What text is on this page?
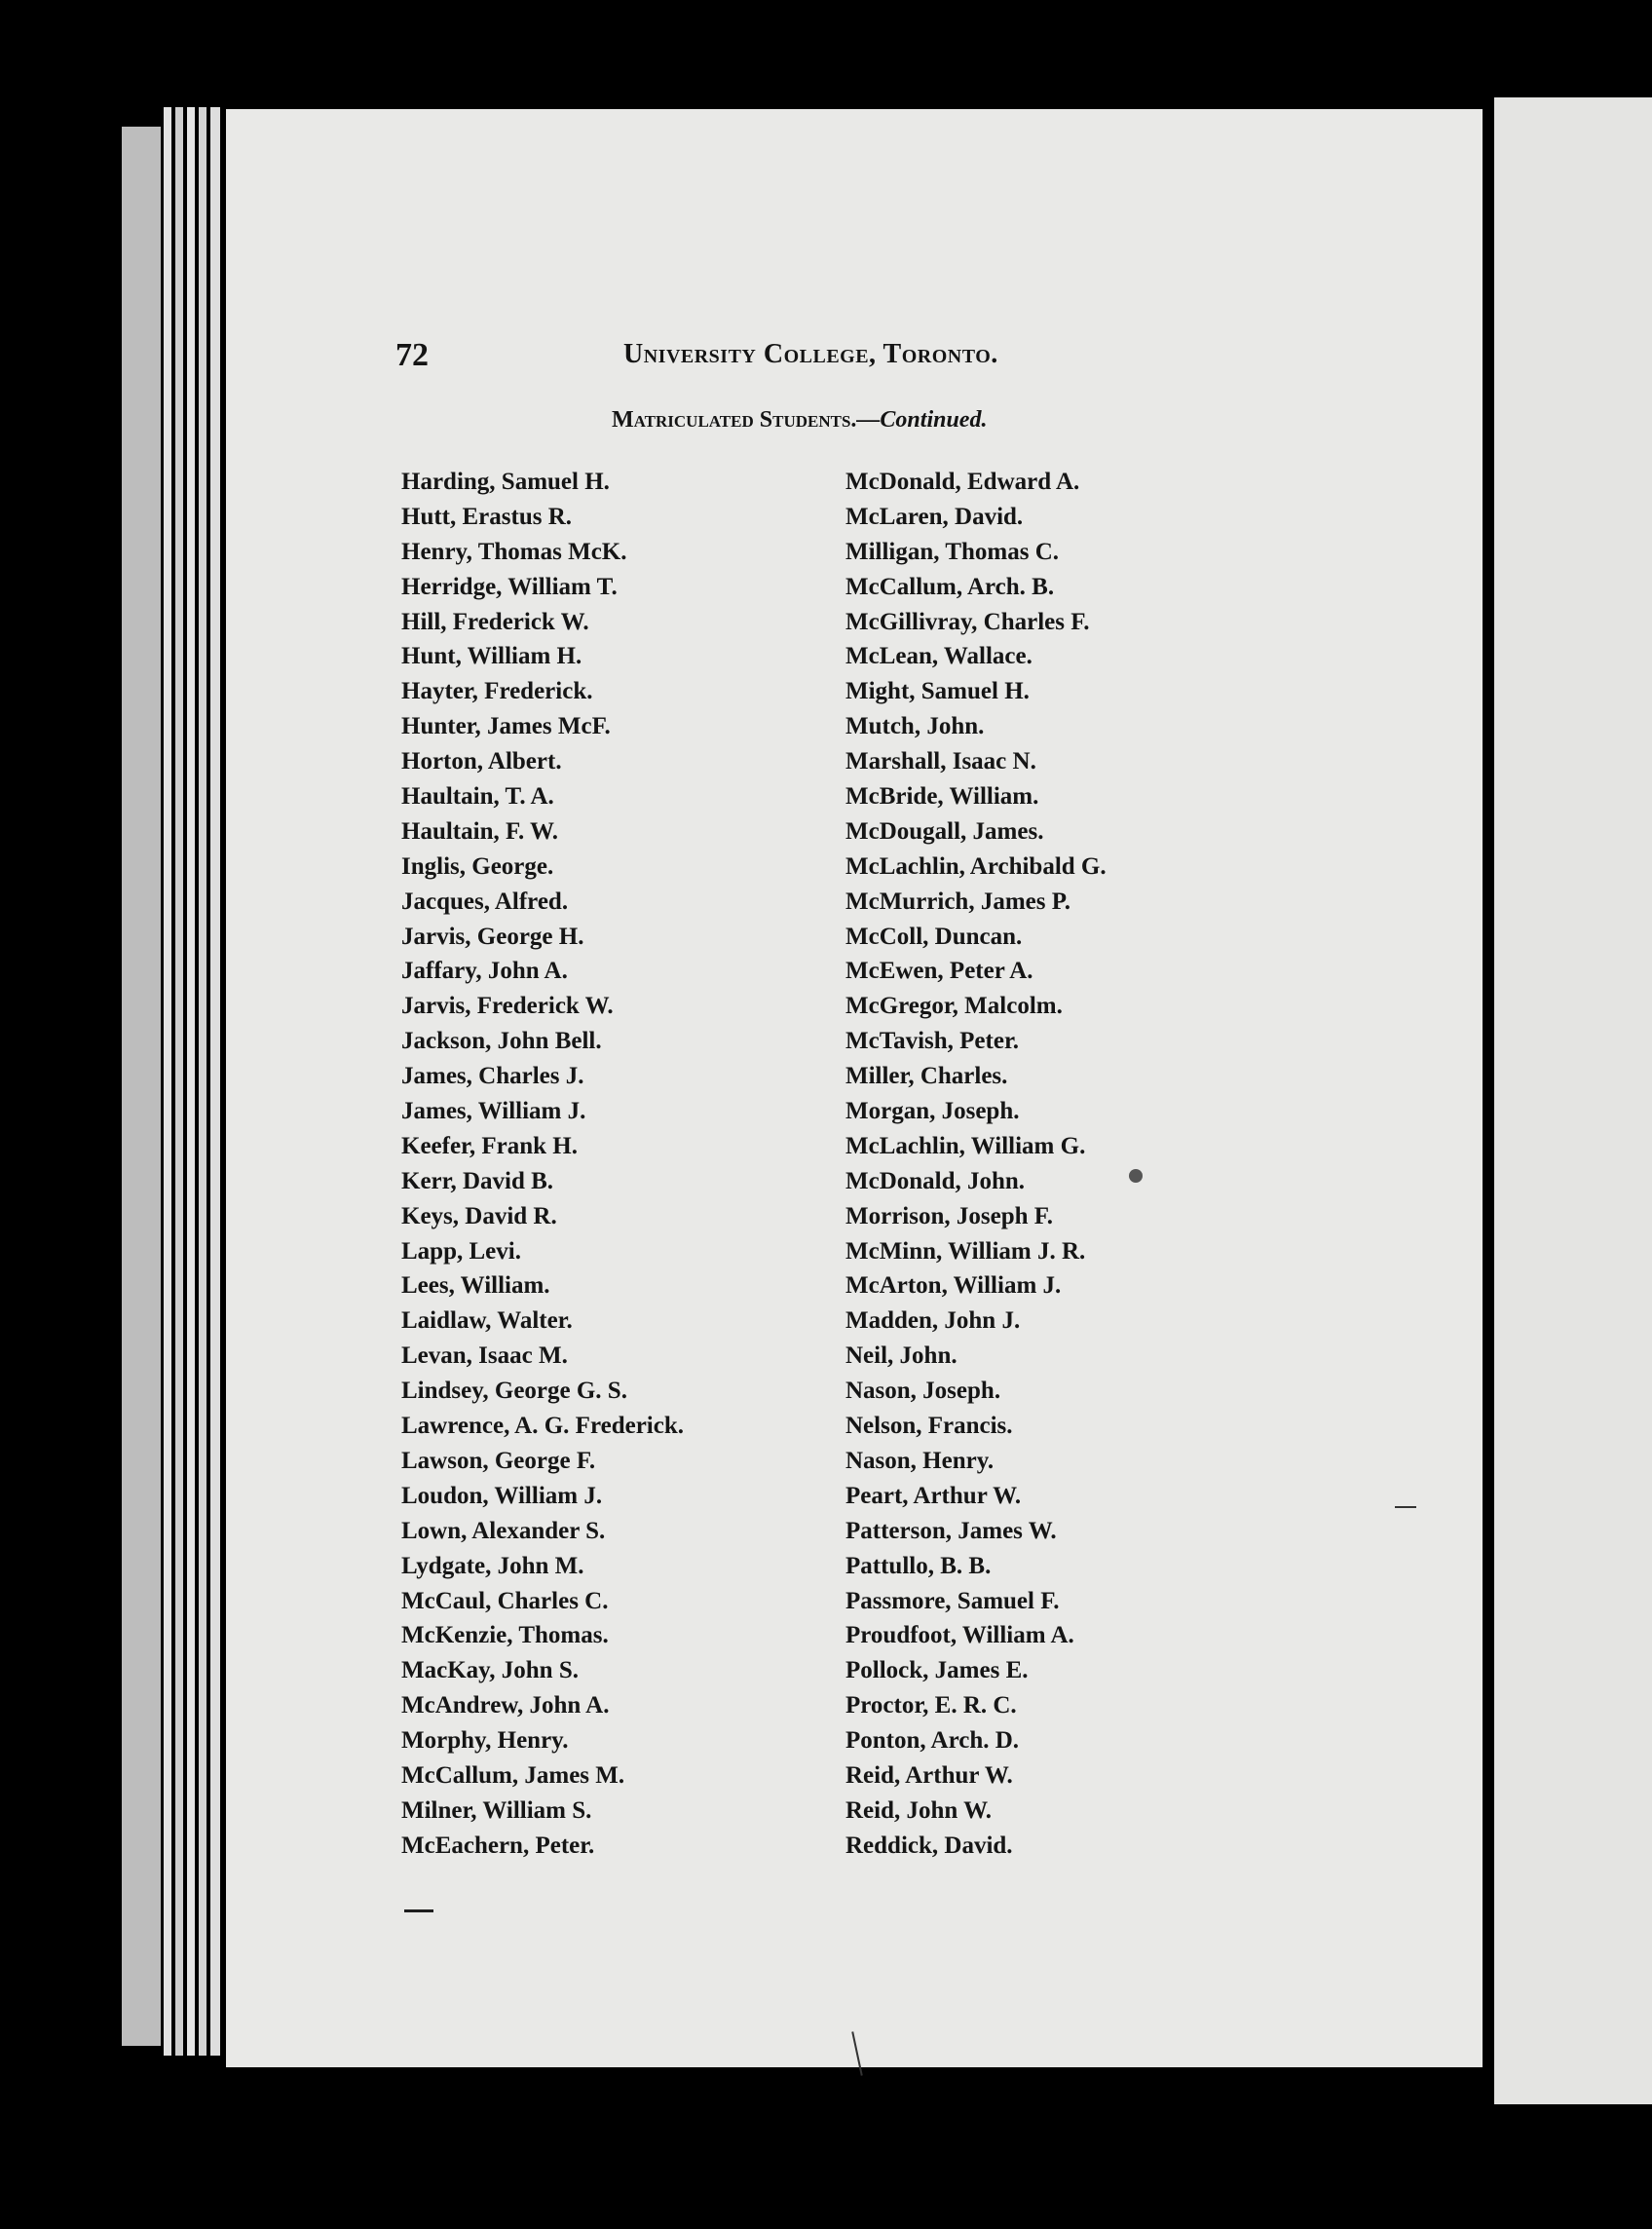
72	University College, Toronto.
Matriculated Students.—Continued.
Harding, Samuel H.
Hutt, Erastus R.
Henry, Thomas McK.
Herridge, William T.
Hill, Frederick W.
Hunt, William H.
Hayter, Frederick.
Hunter, James McF.
Horton, Albert.
Haultain, T. A.
Haultain, F. W.
Inglis, George.
Jacques, Alfred.
Jarvis, George H.
Jaffary, John A.
Jarvis, Frederick W.
Jackson, John Bell.
James, Charles J.
James, William J.
Keefer, Frank H.
Kerr, David B.
Keys, David R.
Lapp, Levi.
Lees, William.
Laidlaw, Walter.
Levan, Isaac M.
Lindsey, George G. S.
Lawrence, A. G. Frederick.
Lawson, George F.
Loudon, William J.
Lown, Alexander S.
Lydgate, John M.
McCaul, Charles C.
McKenzie, Thomas.
MacKay, John S.
McAndrew, John A.
Morphy, Henry.
McCallum, James M.
Milner, William S.
McEachern, Peter.
McDonald, Edward A.
McLaren, David.
Milligan, Thomas C.
McCallum, Arch. B.
McGillivray, Charles F.
McLean, Wallace.
Might, Samuel H.
Mutch, John.
Marshall, Isaac N.
McBride, William.
McDougall, James.
McLachlin, Archibald G.
McMurrich, James P.
McColl, Duncan.
McEwen, Peter A.
McGregor, Malcolm.
McTavish, Peter.
Miller, Charles.
Morgan, Joseph.
McLachlin, William G.
McDonald, John.
Morrison, Joseph F.
McMinn, William J. R.
McArton, William J.
Madden, John J.
Neil, John.
Nason, Joseph.
Nelson, Francis.
Nason, Henry.
Peart, Arthur W.
Patterson, James W.
Pattullo, B. B.
Passmore, Samuel F.
Proudfoot, William A.
Pollock, James E.
Proctor, E. R. C.
Ponton, Arch. D.
Reid, Arthur W.
Reid, John W.
Reddick, David.
